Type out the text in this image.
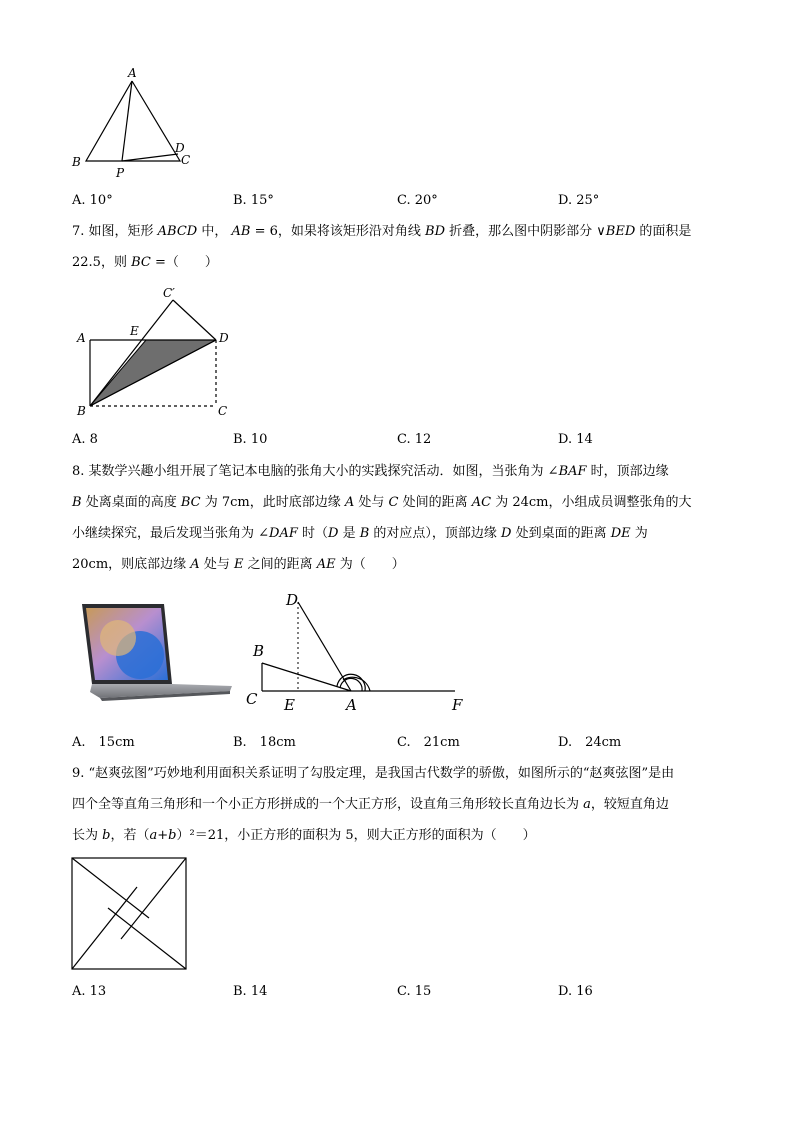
A
B	C
D
P
A. 10°	B. 15°	C. 20°	D. 25°
7. 如图，矩形 ABCD 中， AB = 6，如果将该矩形沿对角线 BD 折叠，那么图中阴影部分 ∨BED 的面积是
22.5，则 BC =（　　）
A
B	C
C′
D
E
A. 8	B. 10	C. 12	D. 14
8. 某数学兴趣小组开展了笔记本电脑的张角大小的实践探究活动．如图，当张角为 ∠BAF 时，顶部边缘
B 处离桌面的高度 BC 为 7cm，此时底部边缘 A 处与 C 处间的距离 AC 为 24cm，小组成员调整张角的大
小继续探究，最后发现当张角为 ∠DAF 时（D 是 B 的对应点），顶部边缘 D 处到桌面的距离 DE 为
20cm，则底部边缘 A 处与 E 之间的距离 AE 为（　　）
D
B
C E	A	F
A.　15cm	B.　18cm	C.　21cm	D.　24cm
9. “赵爽弦图”巧妙地利用面积关系证明了勾股定理，是我国古代数学的骄傲，如图所示的“赵爽弦图”是由
四个全等直角三角形和一个小正方形拼成的一个大正方形，设直角三角形较长直角边长为 a，较短直角边
长为 b，若（a+b）²＝21，小正方形的面积为 5，则大正方形的面积为（　　）
A. 13	B. 14	C. 15	D. 16
